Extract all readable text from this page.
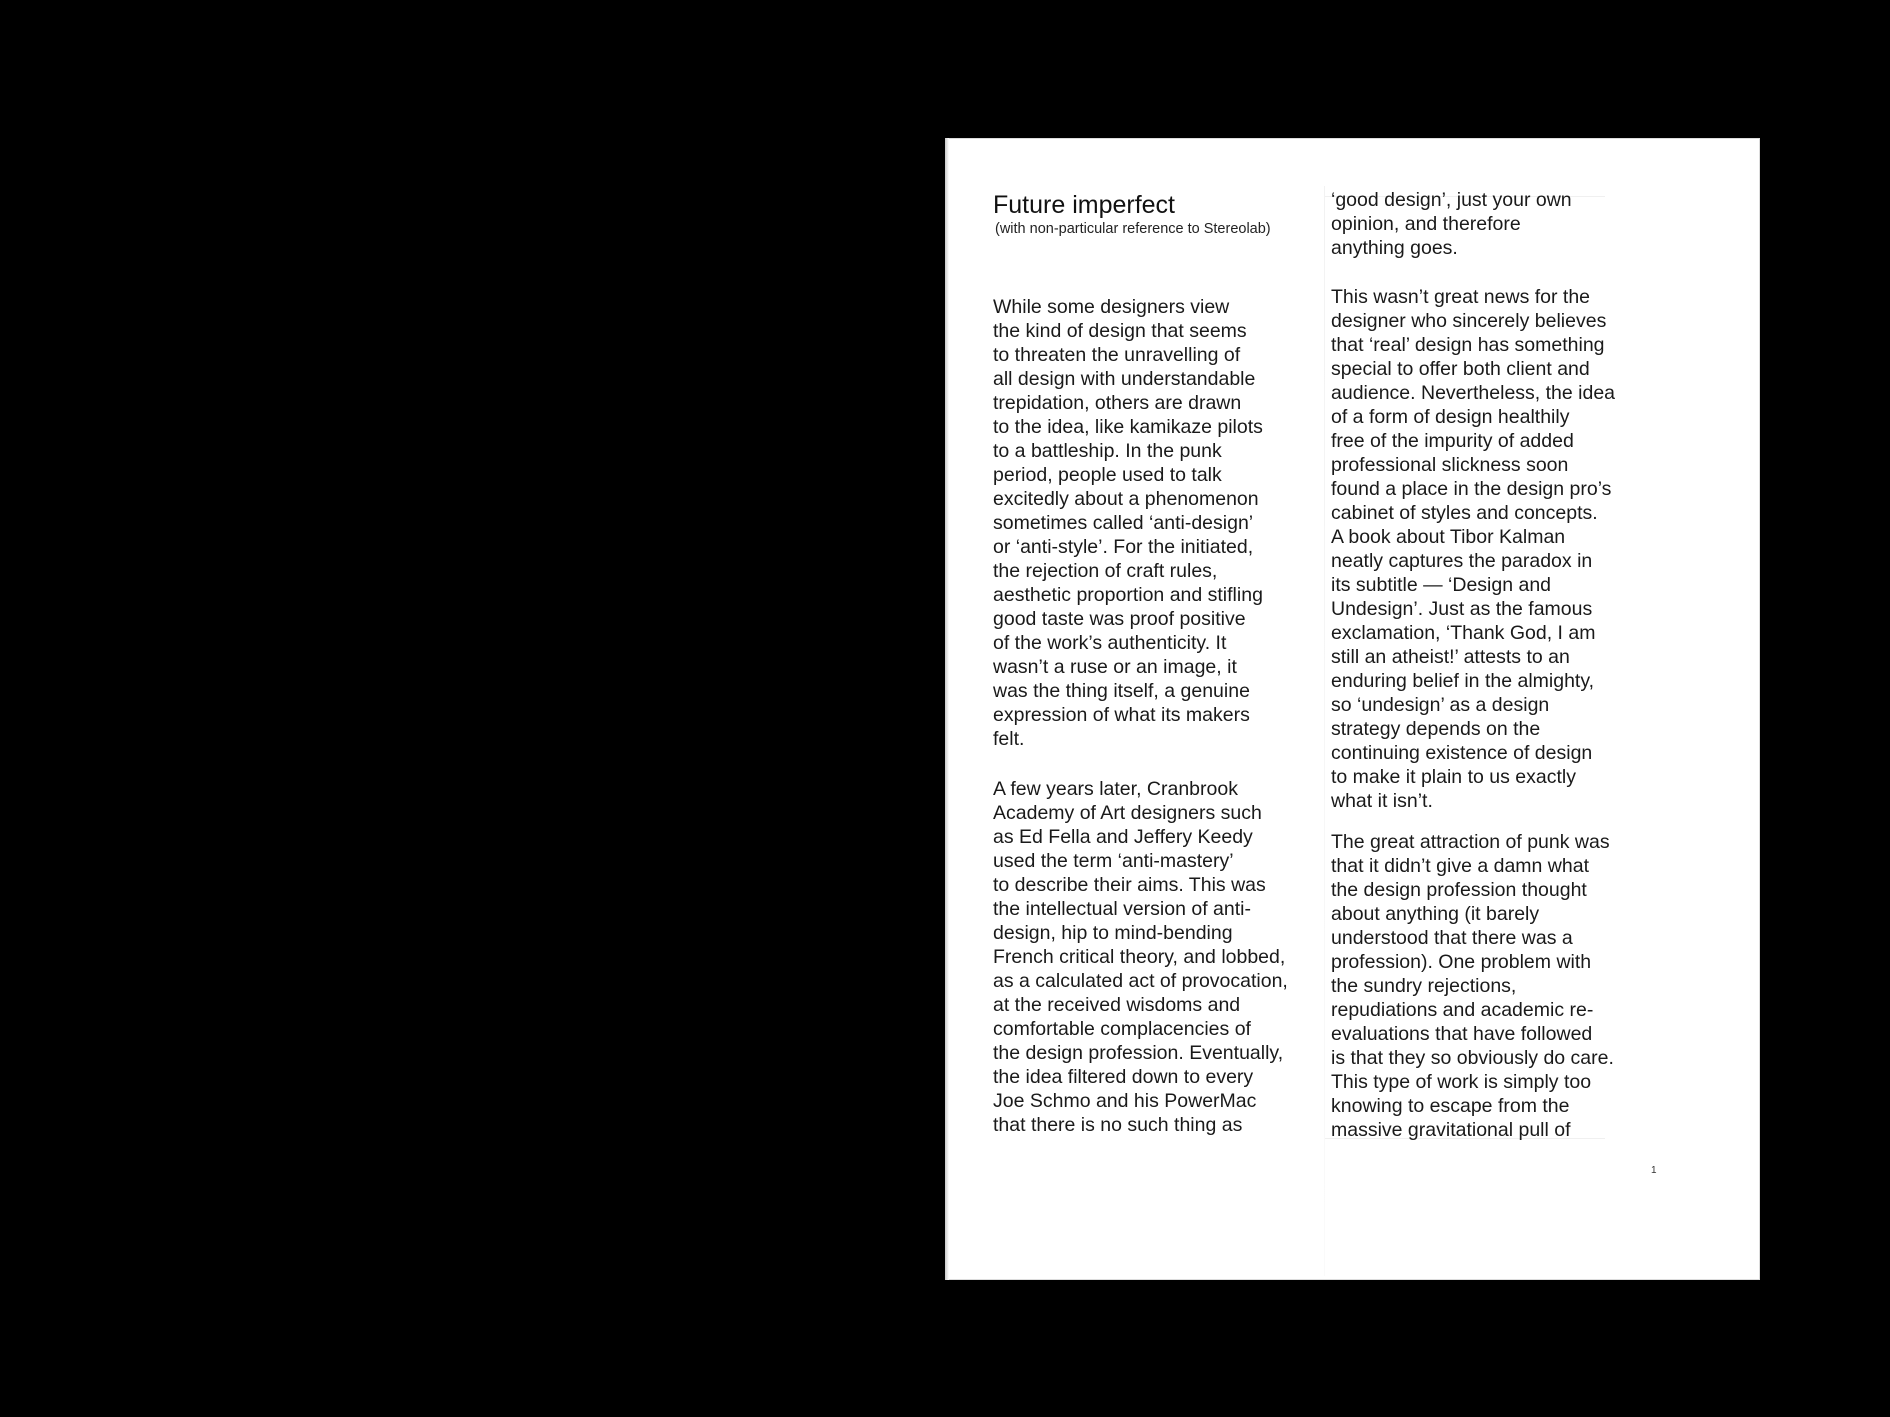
Future imperfect
(with non-particular reference to Stereolab)

While some designers view
the kind of design that seems
to threaten the unravelling of
all design with understandable
trepidation, others are drawn
to the idea, like kamikaze pilots
to a battleship. In the punk
period, people used to talk
excitedly about a phenomenon
sometimes called ‘anti-design’
or ‘anti-style’. For the initiated,
the rejection of craft rules,
aesthetic proportion and stifling
good taste was proof positive
of the work’s authenticity. It
wasn’t a ruse or an image, it
was the thing itself, a genuine
expression of what its makers
felt.

A few years later, Cranbrook
Academy of Art designers such
as Ed Fella and Jeffery Keedy
used the term ‘anti-mastery’
to describe their aims. This was
the intellectual version of anti-
design, hip to mind-bending
French critical theory, and lobbed,
as a calculated act of provocation,
at the received wisdoms and
comfortable complacencies of
the design profession. Eventually,
the idea filtered down to every
Joe Schmo and his PowerMac
that there is no such thing as

‘good design’, just your own
opinion, and therefore
anything goes.

This wasn’t great news for the
designer who sincerely believes
that ‘real’ design has something
special to offer both client and
audience. Nevertheless, the idea
of a form of design healthily
free of the impurity of added
professional slickness soon
found a place in the design pro’s
cabinet of styles and concepts.
A book about Tibor Kalman
neatly captures the paradox in
its subtitle — ‘Design and
Undesign’. Just as the famous
exclamation, ‘Thank God, I am
still an atheist!’ attests to an
enduring belief in the almighty,
so ‘undesign’ as a design
strategy depends on the
continuing existence of design
to make it plain to us exactly
what it isn’t.

The great attraction of punk was
that it didn’t give a damn what
the design profession thought
about anything (it barely
understood that there was a
profession). One problem with
the sundry rejections,
repudiations and academic re-
evaluations that have followed
is that they so obviously do care.
This type of work is simply too
knowing to escape from the
massive gravitational pull of

1
